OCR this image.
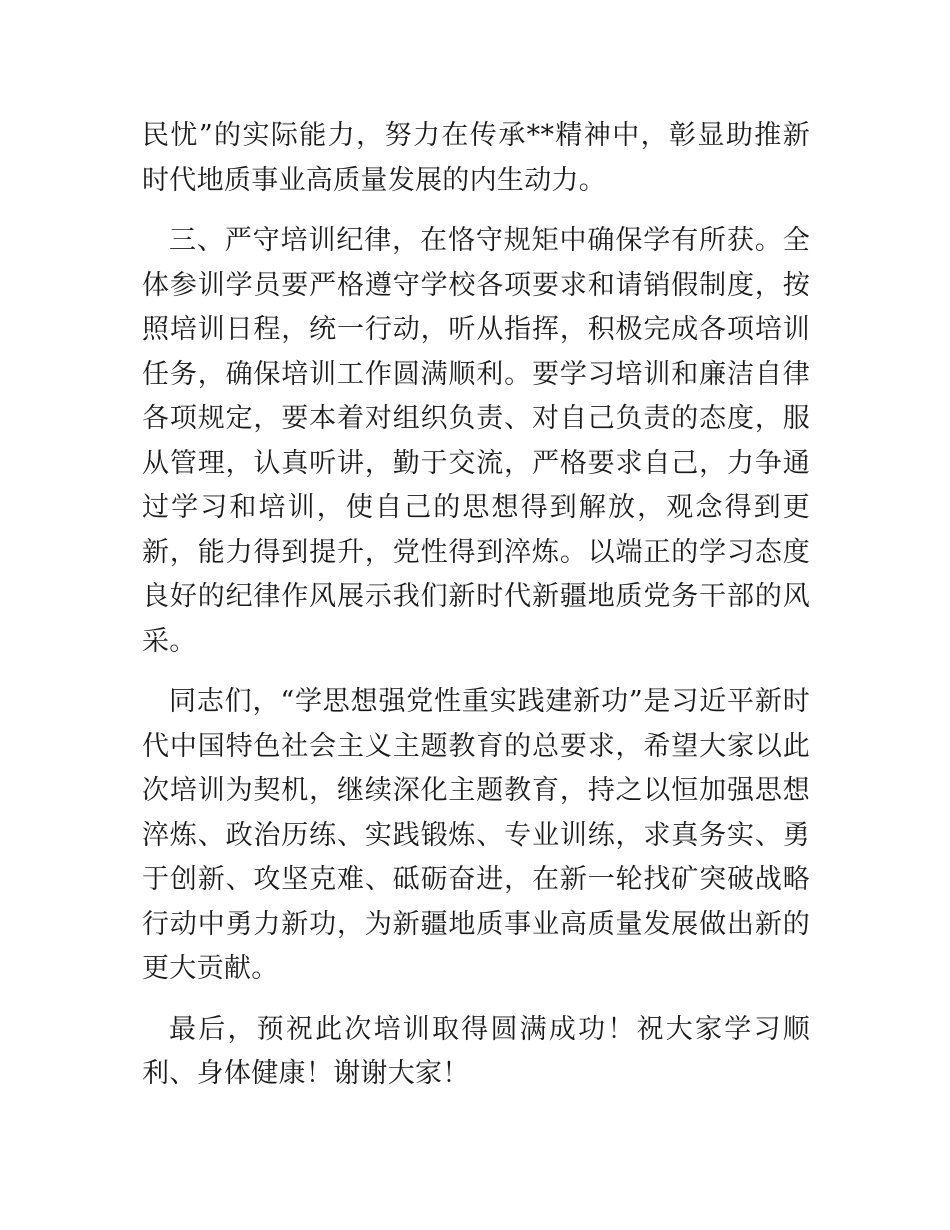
民忧”的实际能力，努力在传承**精神中，彰显助推新时代地质事业高质量发展的内生动力。

三、严守培训纪律，在恪守规矩中确保学有所获。全体参训学员要严格遵守学校各项要求和请销假制度，按照培训日程，统一行动，听从指挥，积极完成各项培训任务，确保培训工作圆满顺利。要学习培训和廉洁自律各项规定，要本着对组织负责、对自己负责的态度，服从管理，认真听讲，勤于交流，严格要求自己，力争通过学习和培训，使自己的思想得到解放，观念得到更新，能力得到提升，党性得到淬炼。以端正的学习态度良好的纪律作风展示我们新时代新疆地质党务干部的风采。

同志们，“学思想强党性重实践建新功”是习近平新时代中国特色社会主义主题教育的总要求，希望大家以此次培训为契机，继续深化主题教育，持之以恒加强思想淬炼、政治历练、实践锻炼、专业训练，求真务实、勇于创新、攻坚克难、砥砺奋进，在新一轮找矿突破战略行动中勇力新功，为新疆地质事业高质量发展做出新的更大贡献。

最后，预祝此次培训取得圆满成功！祝大家学习顺利、身体健康！谢谢大家！
